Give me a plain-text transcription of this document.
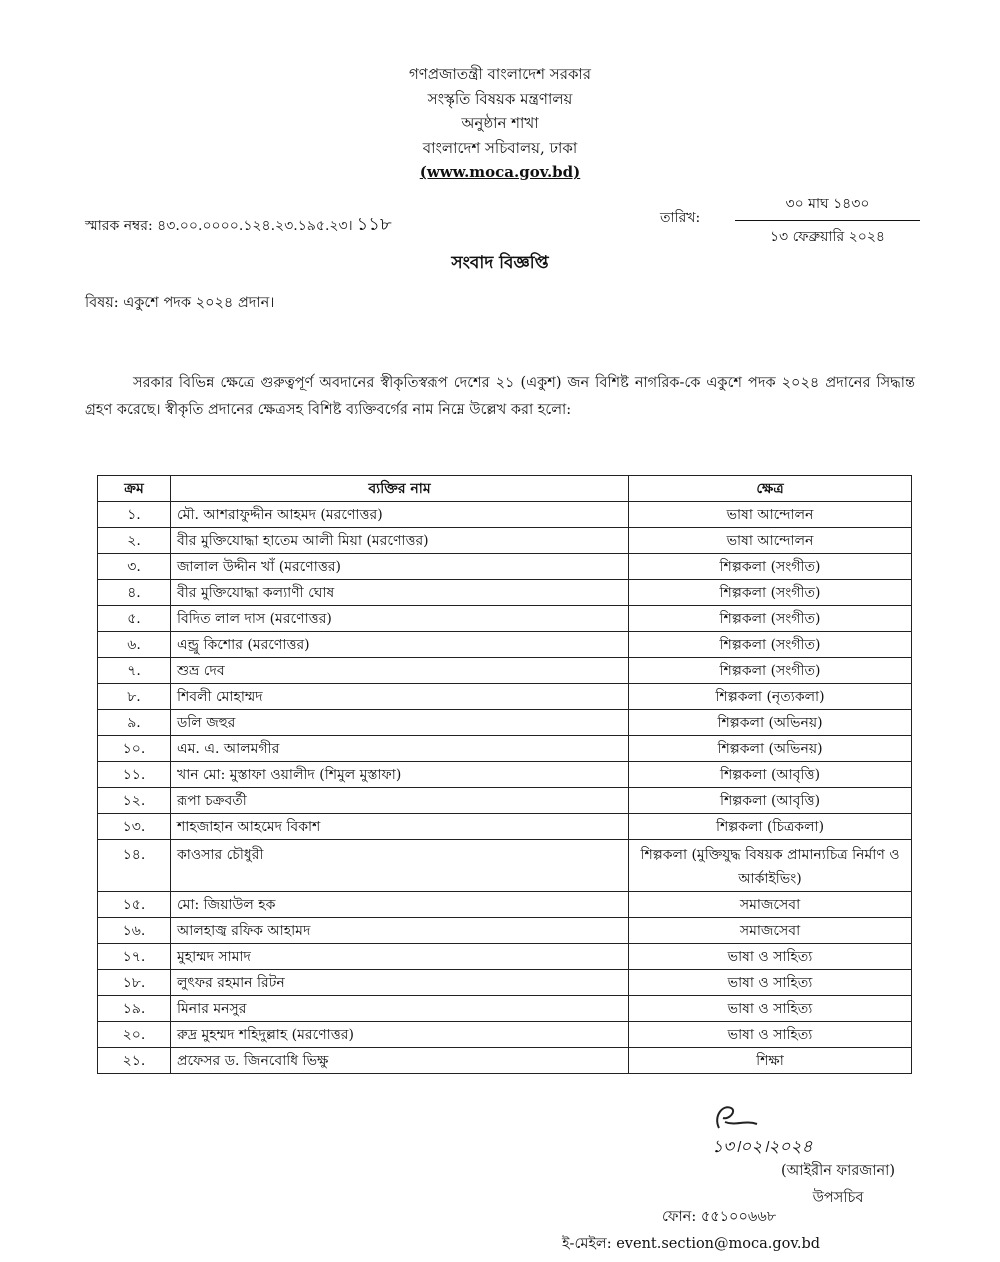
গণপ্রজাতন্ত্রী বাংলাদেশ সরকার
সংস্কৃতি বিষয়ক মন্ত্রণালয়
অনুষ্ঠান শাখা
বাংলাদেশ সচিবালয়, ঢাকা
(www.moca.gov.bd)
স্মারক নম্বর: ৪৩.০০.০০০০.১২৪.২৩.১৯৫.২৩। ১১৮	তারিখ:
৩০ মাঘ ১৪৩০
১৩ ফেব্রুয়ারি ২০২৪
সংবাদ বিজ্ঞপ্তি
বিষয়: একুশে পদক ২০২৪ প্রদান।
সরকার বিভিন্ন ক্ষেত্রে গুরুত্বপূর্ণ অবদানের স্বীকৃতিস্বরূপ দেশের ২১ (একুশ) জন বিশিষ্ট নাগরিক-কে একুশে পদক ২০২৪ প্রদানের সিদ্ধান্ত গ্রহণ করেছে। স্বীকৃতি প্রদানের ক্ষেত্রসহ বিশিষ্ট ব্যক্তিবর্গের নাম নিম্নে উল্লেখ করা হলো:
ক্রম	ব্যক্তির নাম	ক্ষেত্র
১.	মৌ. আশরাফুদ্দীন আহমদ (মরণোত্তর)	ভাষা আন্দোলন
২.	বীর মুক্তিযোদ্ধা হাতেম আলী মিয়া (মরণোত্তর)	ভাষা আন্দোলন
৩.	জালাল উদ্দীন খাঁ (মরণোত্তর)	শিল্পকলা (সংগীত)
৪.	বীর মুক্তিযোদ্ধা কল্যাণী ঘোষ	শিল্পকলা (সংগীত)
৫.	বিদিত লাল দাস (মরণোত্তর)	শিল্পকলা (সংগীত)
৬.	এন্ড্রু কিশোর (মরণোত্তর)	শিল্পকলা (সংগীত)
৭.	শুভ্র দেব	শিল্পকলা (সংগীত)
৮.	শিবলী মোহাম্মদ	শিল্পকলা (নৃত্যকলা)
৯.	ডলি জহুর	শিল্পকলা (অভিনয়)
১০.	এম. এ. আলমগীর	শিল্পকলা (অভিনয়)
১১.	খান মো: মুস্তাফা ওয়ালীদ (শিমুল মুস্তাফা)	শিল্পকলা (আবৃত্তি)
১২.	রূপা চক্রবর্তী	শিল্পকলা (আবৃত্তি)
১৩.	শাহজাহান আহমেদ বিকাশ	শিল্পকলা (চিত্রকলা)
১৪.	কাওসার চৌধুরী	শিল্পকলা (মুক্তিযুদ্ধ বিষয়ক প্রামান্যচিত্র নির্মাণ ও আর্কাইভিং)
১৫.	মো: জিয়াউল হক	সমাজসেবা
১৬.	আলহাজ্ব রফিক আহামদ	সমাজসেবা
১৭.	মুহাম্মদ সামাদ	ভাষা ও সাহিত্য
১৮.	লুৎফর রহমান রিটন	ভাষা ও সাহিত্য
১৯.	মিনার মনসুর	ভাষা ও সাহিত্য
২০.	রুদ্র মুহম্মদ শহিদুল্লাহ (মরণোত্তর)	ভাষা ও সাহিত্য
২১.	প্রফেসর ড. জিনবোধি ভিক্ষু	শিক্ষা
১৩।০২।২০২৪
(আইরীন ফারজানা)
উপসচিব
ফোন: ৫৫১০০৬৬৮
ই-মেইল: event.section@moca.gov.bd
